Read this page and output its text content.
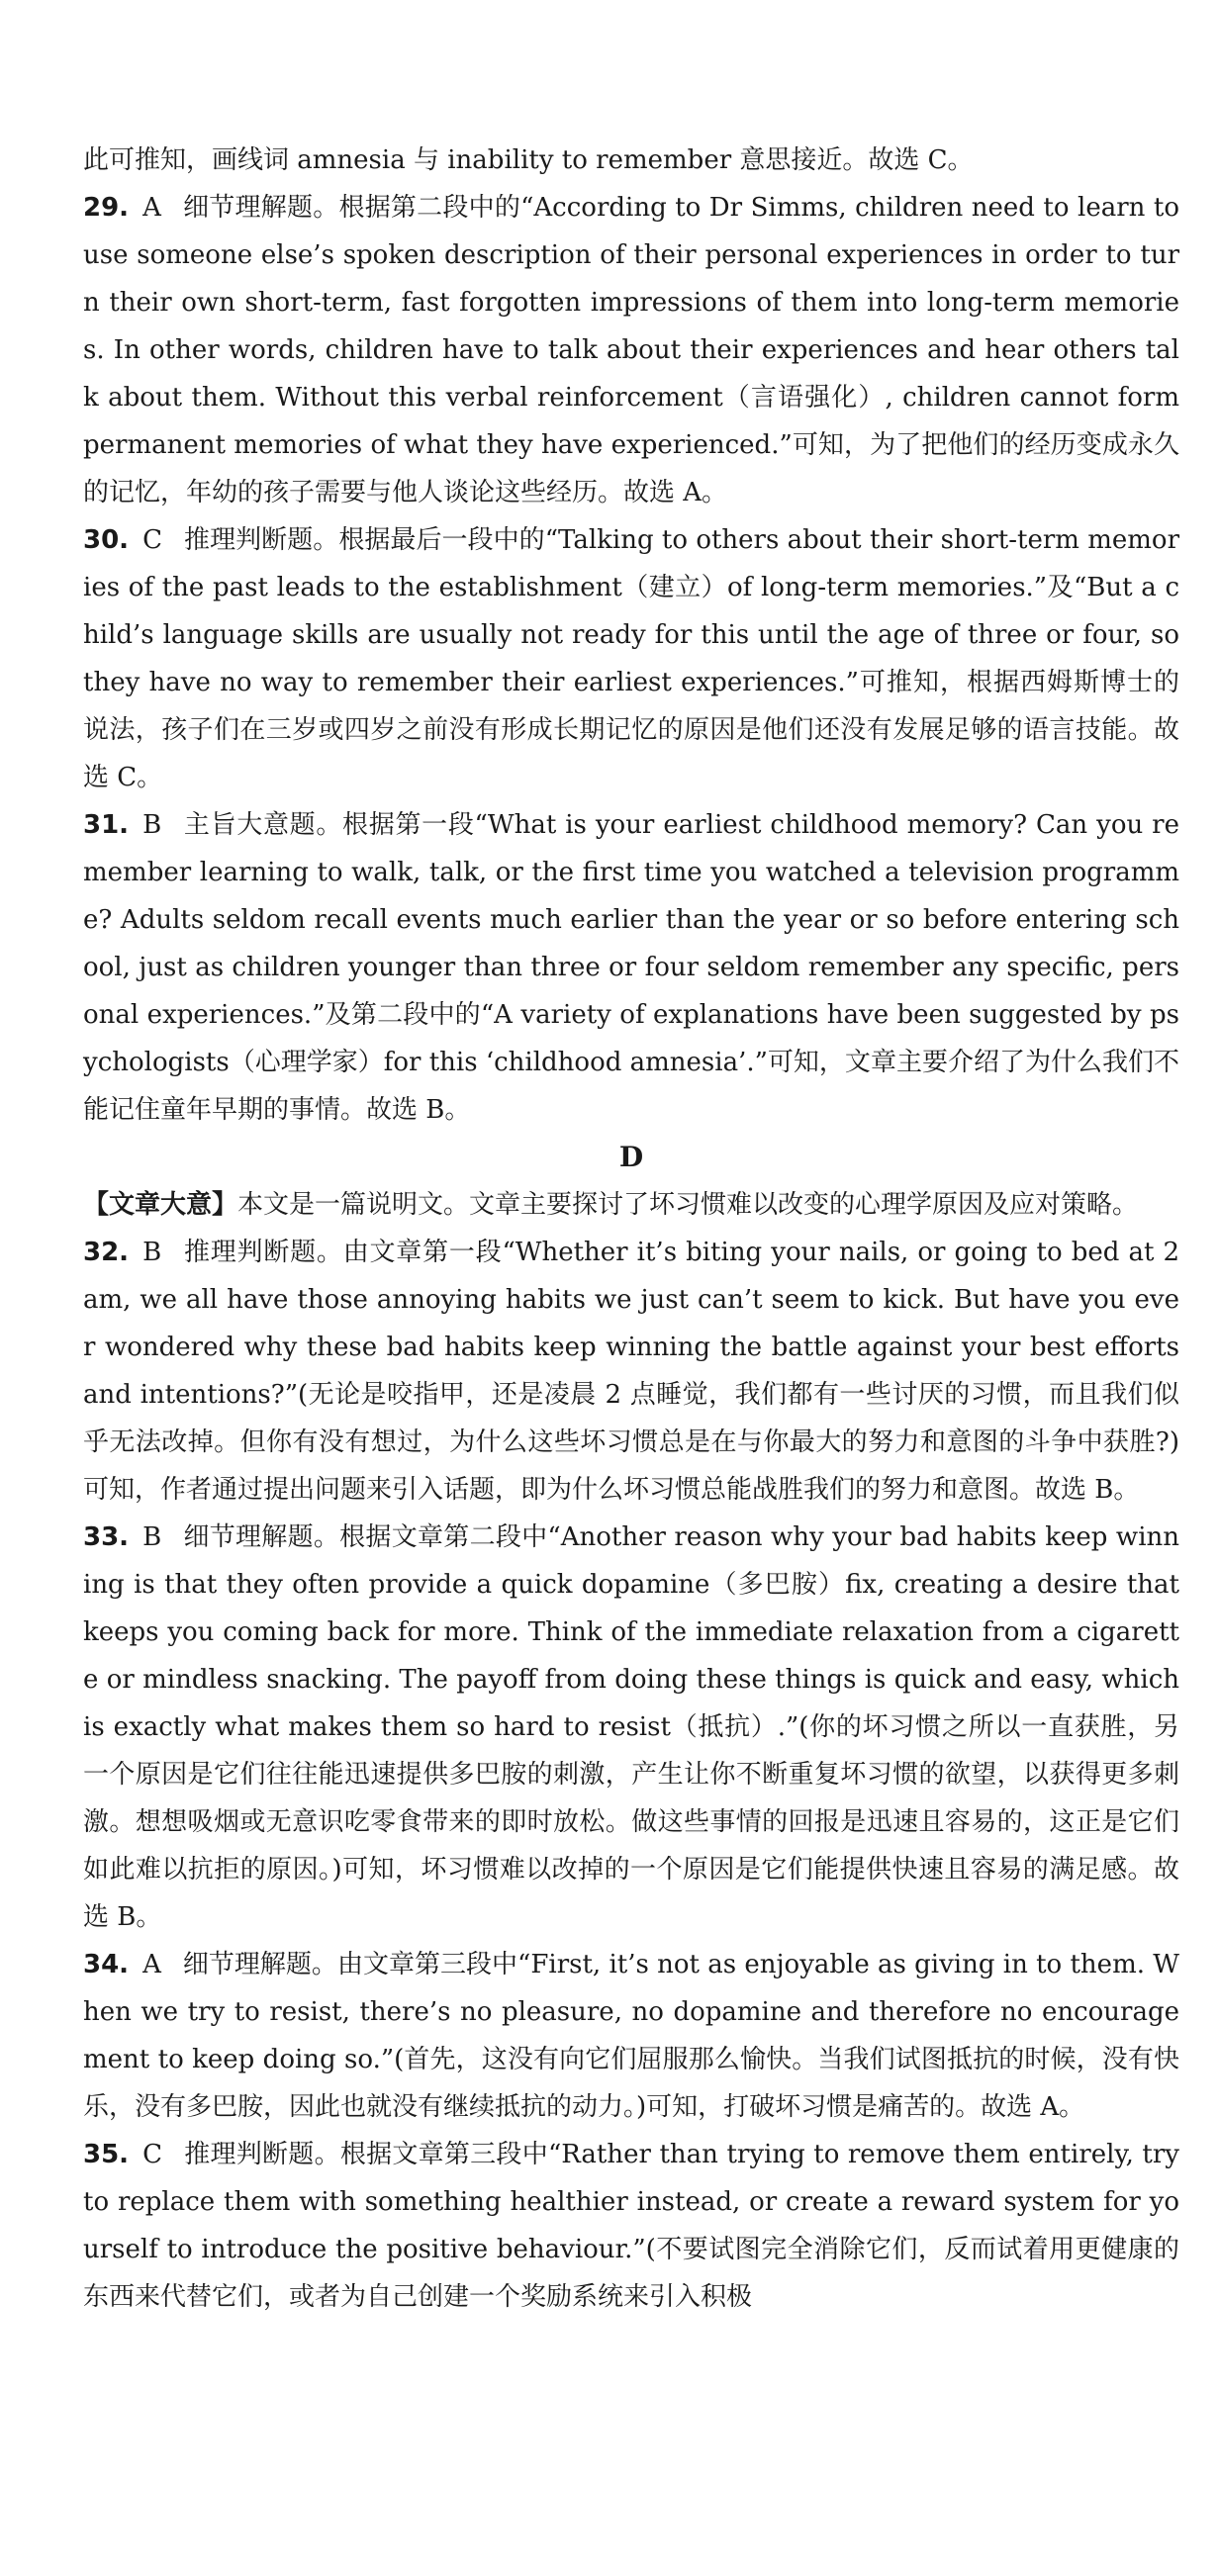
此可推知，画线词 amnesia 与 inability to remember 意思接近。故选 C。

29. A 细节理解题。根据第二段中的“According to Dr Simms, children need to learn to use someone else’s spoken description of their personal experiences in order to turn their own short-term, fast forgotten impressions of them into long-term memories. In other words, children have to talk about their experiences and hear others talk about them. Without this verbal reinforcement（言语强化）, children cannot form permanent memories of what they have experienced.”可知，为了把他们的经历变成永久的记忆，年幼的孩子需要与他人谈论这些经历。故选 A。

30. C 推理判断题。根据最后一段中的“Talking to others about their short-term memories of the past leads to the establishment（建立）of long-term memories.”及“But a child’s language skills are usually not ready for this until the age of three or four, so they have no way to remember their earliest experiences.”可推知，根据西姆斯博士的说法，孩子们在三岁或四岁之前没有形成长期记忆的原因是他们还没有发展足够的语言技能。故选 C。

31. B 主旨大意题。根据第一段“What is your earliest childhood memory? Can you remember learning to walk, talk, or the first time you watched a television programme? Adults seldom recall events much earlier than the year or so before entering school, just as children younger than three or four seldom remember any specific, personal experiences.”及第二段中的“A variety of explanations have been suggested by psychologists（心理学家）for this ‘childhood amnesia’.”可知，文章主要介绍了为什么我们不能记住童年早期的事情。故选 B。

D

【文章大意】本文是一篇说明文。文章主要探讨了坏习惯难以改变的心理学原因及应对策略。

32. B 推理判断题。由文章第一段“Whether it’s biting your nails, or going to bed at 2 am, we all have those annoying habits we just can’t seem to kick. But have you ever wondered why these bad habits keep winning the battle against your best efforts and intentions?”(无论是咬指甲，还是凌晨 2 点睡觉，我们都有一些讨厌的习惯，而且我们似乎无法改掉。但你有没有想过，为什么这些坏习惯总是在与你最大的努力和意图的斗争中获胜?)可知，作者通过提出问题来引入话题，即为什么坏习惯总能战胜我们的努力和意图。故选 B。

33. B 细节理解题。根据文章第二段中“Another reason why your bad habits keep winning is that they often provide a quick dopamine（多巴胺）fix, creating a desire that keeps you coming back for more. Think of the immediate relaxation from a cigarette or mindless snacking. The payoff from doing these things is quick and easy, which is exactly what makes them so hard to resist（抵抗）.”(你的坏习惯之所以一直获胜，另一个原因是它们往往能迅速提供多巴胺的刺激，产生让你不断重复坏习惯的欲望，以获得更多刺激。想想吸烟或无意识吃零食带来的即时放松。做这些事情的回报是迅速且容易的，这正是它们如此难以抗拒的原因。)可知，坏习惯难以改掉的一个原因是它们能提供快速且容易的满足感。故选 B。

34. A 细节理解题。由文章第三段中“First, it’s not as enjoyable as giving in to them. When we try to resist, there’s no pleasure, no dopamine and therefore no encouragement to keep doing so.”(首先，这没有向它们屈服那么愉快。当我们试图抵抗的时候，没有快乐，没有多巴胺，因此也就没有继续抵抗的动力。)可知，打破坏习惯是痛苦的。故选 A。

35. C 推理判断题。根据文章第三段中“Rather than trying to remove them entirely, try to replace them with something healthier instead, or create a reward system for yourself to introduce the positive behaviour.”(不要试图完全消除它们，反而试着用更健康的东西来代替它们，或者为自己创建一个奖励系统来引入积极
